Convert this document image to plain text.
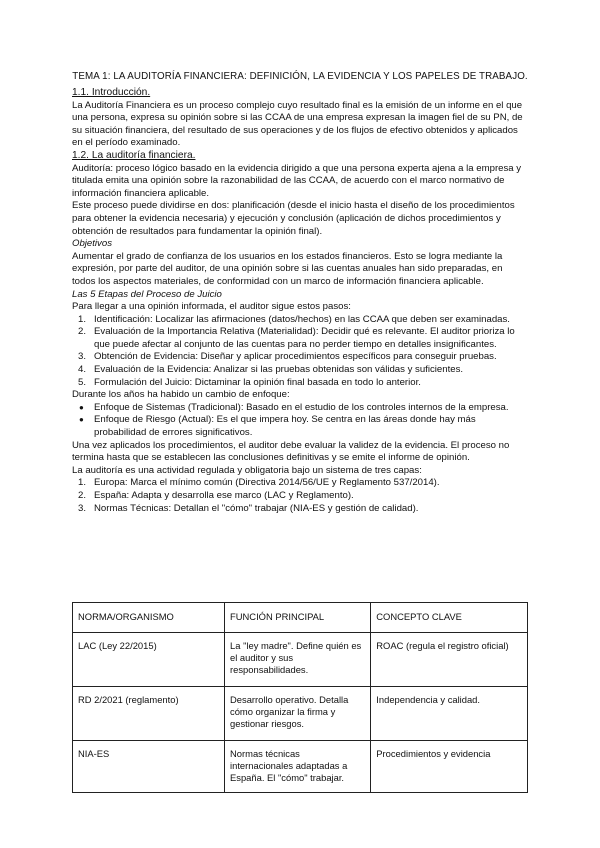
TEMA 1: LA AUDITORÍA FINANCIERA: DEFINICIÓN, LA EVIDENCIA Y LOS PAPELES DE TRABAJO.

1.1. Introducción.

La Auditoría Financiera es un proceso complejo cuyo resultado final es la emisión de un informe en el que una persona, expresa su opinión sobre si las CCAA de una empresa expresan la imagen fiel de su PN, de su situación financiera, del resultado de sus operaciones y de los flujos de efectivo obtenidos y aplicados en el período examinado.

1.2. La auditoría financiera.

Auditoría: proceso lógico basado en la evidencia dirigido a que una persona experta ajena a la empresa y titulada emita una opinión sobre la razonabilidad de las CCAA, de acuerdo con el marco normativo de información financiera aplicable.

Este proceso puede dividirse en dos: planificación (desde el inicio hasta el diseño de los procedimientos para obtener la evidencia necesaria) y ejecución y conclusión (aplicación de dichos procedimientos y obtención de resultados para fundamentar la opinión final).

Objetivos

Aumentar el grado de confianza de los usuarios en los estados financieros. Esto se logra mediante la expresión, por parte del auditor, de una opinión sobre si las cuentas anuales han sido preparadas, en todos los aspectos materiales, de conformidad con un marco de información financiera aplicable.

Las 5 Etapas del Proceso de Juicio

Para llegar a una opinión informada, el auditor sigue estos pasos:

1. Identificación: Localizar las afirmaciones (datos/hechos) en las CCAA que deben ser examinadas.
2. Evaluación de la Importancia Relativa (Materialidad): Decidir qué es relevante. El auditor prioriza lo que puede afectar al conjunto de las cuentas para no perder tiempo en detalles insignificantes.
3. Obtención de Evidencia: Diseñar y aplicar procedimientos específicos para conseguir pruebas.
4. Evaluación de la Evidencia: Analizar si las pruebas obtenidas son válidas y suficientes.
5. Formulación del Juicio: Dictaminar la opinión final basada en todo lo anterior.

Durante los años ha habido un cambio de enfoque:

● Enfoque de Sistemas (Tradicional): Basado en el estudio de los controles internos de la empresa.
● Enfoque de Riesgo (Actual): Es el que impera hoy. Se centra en las áreas donde hay más probabilidad de errores significativos.

Una vez aplicados los procedimientos, el auditor debe evaluar la validez de la evidencia. El proceso no termina hasta que se establecen las conclusiones definitivas y se emite el informe de opinión.

La auditoría es una actividad regulada y obligatoria bajo un sistema de tres capas:

1. Europa: Marca el mínimo común (Directiva 2014/56/UE y Reglamento 537/2014).
2. España: Adapta y desarrolla ese marco (LAC y Reglamento).
3. Normas Técnicas: Detallan el "cómo" trabajar (NIA-ES y gestión de calidad).
NORMA/ORGANISMO	FUNCIÓN PRINCIPAL	CONCEPTO CLAVE
LAC (Ley 22/2015)	La "ley madre". Define quién es el auditor y sus responsabilidades.	ROAC (regula el registro oficial)
RD 2/2021 (reglamento)	Desarrollo operativo. Detalla cómo organizar la firma y gestionar riesgos.	Independencia y calidad.
NIA-ES	Normas técnicas internacionales adaptadas a España. El "cómo" trabajar.	Procedimientos y evidencia
